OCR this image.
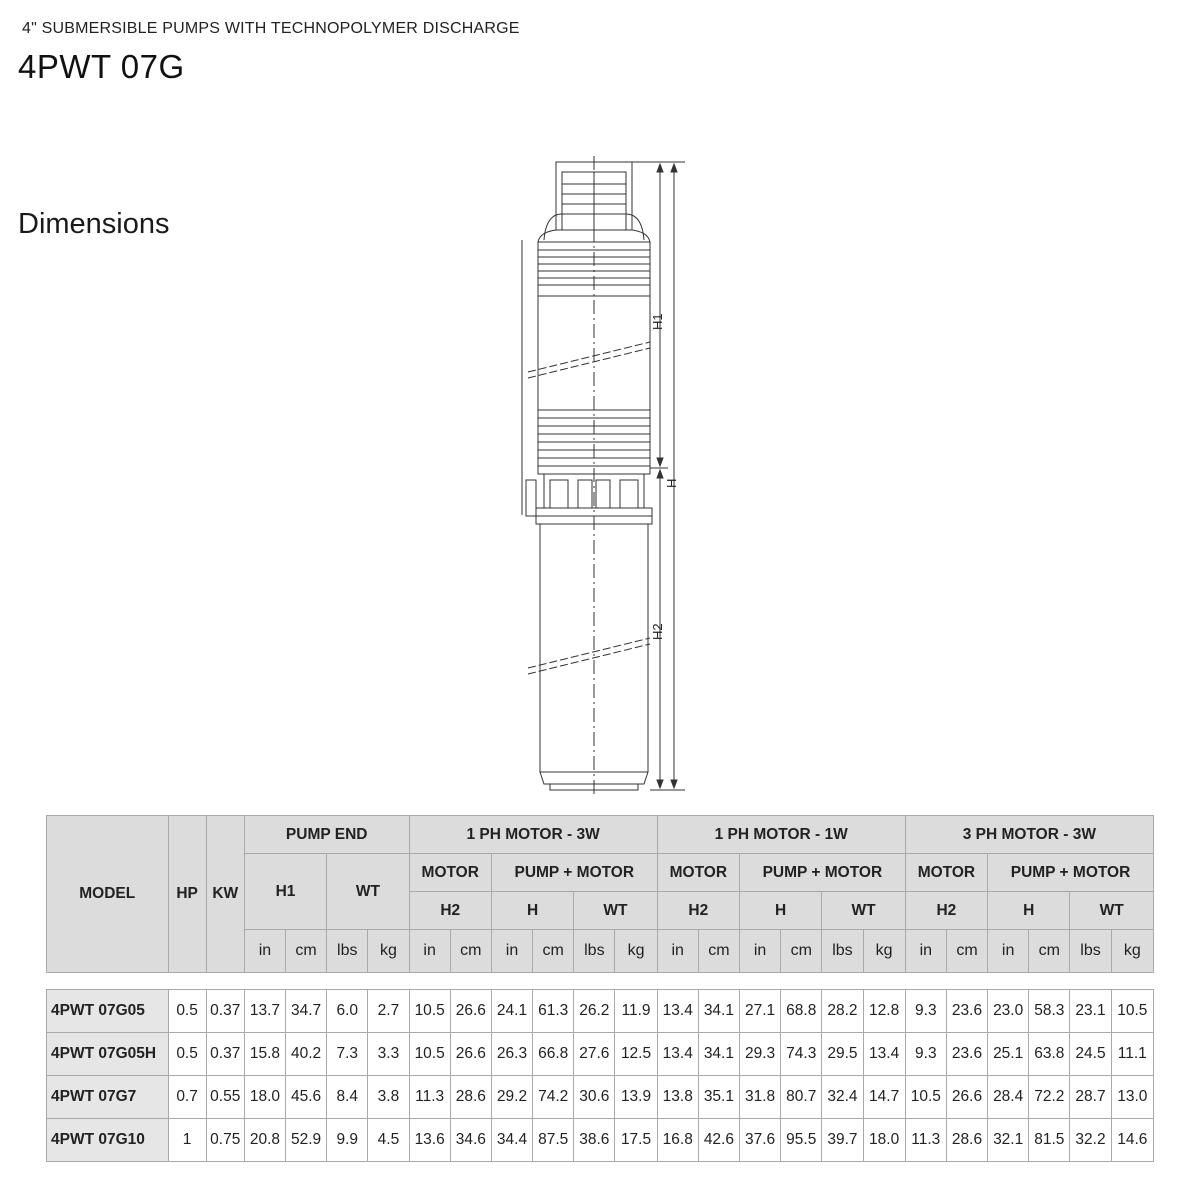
4" SUBMERSIBLE PUMPS WITH TECHNOPOLYMER DISCHARGE
4PWT 07G
Dimensions
H1
H
H2
MODEL	HP	KW	PUMP END				1 PH MOTOR - 3W						1 PH MOTOR - 1W						3 PH MOTOR - 3W					
			H1		WT		MOTOR		PUMP + MOTOR				MOTOR		PUMP + MOTOR				MOTOR		PUMP + MOTOR			
							H2		H		WT		H2		H		WT		H2		H		WT	
			in	cm	lbs	kg	in	cm	in	cm	lbs	kg	in	cm	in	cm	lbs	kg	in	cm	in	cm	lbs	kg

4PWT 07G05	0.5	0.37	13.7	34.7	6.0	2.7	10.5	26.6	24.1	61.3	26.2	11.9	13.4	34.1	27.1	68.8	28.2	12.8	9.3	23.6	23.0	58.3	23.1	10.5
4PWT 07G05H	0.5	0.37	15.8	40.2	7.3	3.3	10.5	26.6	26.3	66.8	27.6	12.5	13.4	34.1	29.3	74.3	29.5	13.4	9.3	23.6	25.1	63.8	24.5	11.1
4PWT 07G7	0.7	0.55	18.0	45.6	8.4	3.8	11.3	28.6	29.2	74.2	30.6	13.9	13.8	35.1	31.8	80.7	32.4	14.7	10.5	26.6	28.4	72.2	28.7	13.0
4PWT 07G10	1	0.75	20.8	52.9	9.9	4.5	13.6	34.6	34.4	87.5	38.6	17.5	16.8	42.6	37.6	95.5	39.7	18.0	11.3	28.6	32.1	81.5	32.2	14.6
